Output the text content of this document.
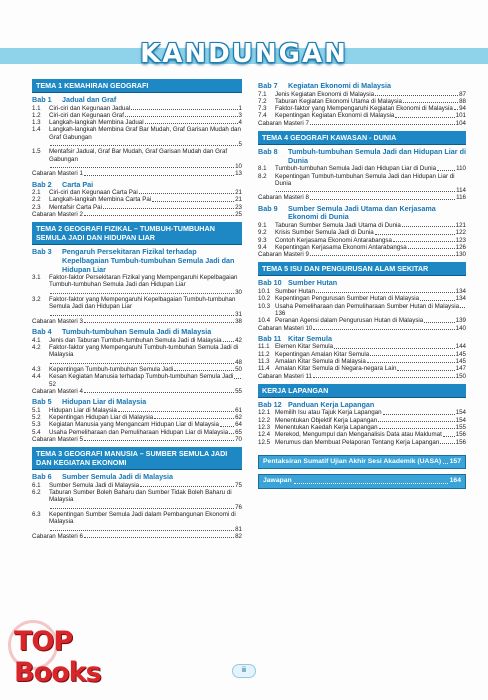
KANDUNGAN
TEMA 1 KEMAHIRAN GEOGRAFI
Bab 1	Jadual dan Graf
1.1	Ciri-ciri dan Kegunaan Jadual	1
1.2	Ciri-ciri dan Kegunaan Graf	3
1.3	Langkah-langkah Membina Jadual	4
1.4	Langkah-langkah Membina Graf Bar Mudah, Graf Garisan Mudah dan Graf Gabungan
5
1.5	Mentafsir Jadual, Graf Bar Mudah, Graf Garisan Mudah dan Graf Gabungan
10
Cabaran Masteri 1	13
Bab 2	Carta Pai
2.1	Ciri-ciri dan Kegunaan Carta Pai	21
2.2	Langkah-langkah Membina Carta Pai	21
2.3	Mentafsir Carta Pai	23
Cabaran Masteri 2	25
TEMA 2 GEOGRAFI FIZIKAL – TUMBUH-TUMBUHAN SEMULA JADI DAN HIDUPAN LIAR
Bab 3	Pengaruh Persekitaran Fizikal terhadap Kepelbagaian Tumbuh-tumbuhan Semula Jadi dan Hidupan Liar
3.1	Faktor-faktor Persekitaran Fizikal yang Mempengaruhi Kepelbagaian Tumbuh-tumbuhan Semula Jadi dan Hidupan Liar
30
3.2	Faktor-faktor yang Mempengaruhi Kepelbagaian Tumbuh-tumbuhan Semula Jadi dan Hidupan Liar
31
Cabaran Masteri 3	38
Bab 4	Tumbuh-tumbuhan Semula Jadi di Malaysia
4.1	Jenis dan Taburan Tumbuh-tumbuhan Semula Jadi di Malaysia 42
4.2	Faktor-faktor yang Mempengaruhi Tumbuh-tumbuhan Semula Jadi di Malaysia
48
4.3	Kepentingan Tumbuh-tumbuhan Semula Jadi	50
4.4	Kesan Kegiatan Manusia terhadap Tumbuh-tumbuhan Semula Jadi
52
Cabaran Masteri 4	55
Bab 5	Hidupan Liar di Malaysia
5.1	Hidupan Liar di Malaysia	61
5.2	Kepentingan Hidupan Liar di Malaysia	62
5.3	Kegiatan Manusia yang Mengancam Hidupan Liar di Malaysia	64
5.4	Usaha Pemeliharaan dan Pemuliharaan Hidupan Liar di Malaysia 65
Cabaran Masteri 5	70
TEMA 3 GEOGRAFI MANUSIA – SUMBER SEMULA JADI DAN KEGIATAN EKONOMI
Bab 6	Sumber Semula Jadi di Malaysia
6.1	Sumber Semula Jadi di Malaysia	75
6.2	Taburan Sumber Boleh Baharu dan Sumber Tidak Boleh Baharu di Malaysia
76
6.3	Kepentingan Sumber Semula Jadi dalam Pembangunan Ekonomi di Malaysia
81
Cabaran Masteri 6	82
Bab 7	Kegiatan Ekonomi di Malaysia
7.1	Jenis Kegiatan Ekonomi di Malaysia	87
7.2	Taburan Kegiatan Ekonomi Utama di Malaysia	88
7.3	Faktor-faktor yang Mempengaruhi Kegiatan Ekonomi di Malaysia 94
7.4	Kepentingan Kegiatan Ekonomi di Malaysia	101
Cabaran Masteri 7	104
TEMA 4 GEOGRAFI KAWASAN - DUNIA
Bab 8	Tumbuh-tumbuhan Semula Jadi dan Hidupan Liar di Dunia
8.1	Tumbuh-tumbuhan Semula Jadi dan Hidupan Liar di Dunia	110
8.2	Kepentingan Tumbuh-tumbuhan Semula Jadi dan Hidupan Liar di Dunia
114
Cabaran Masteri 8	116
Bab 9	Sumber Semula Jadi Utama dan Kerjasama Ekonomi di Dunia
9.1	Taburan Sumber Semula Jadi Utama di Dunia	121
9.2	Krisis Sumber Semula Jadi di Dunia	122
9.3	Contoh Kerjasama Ekonomi Antarabangsa	123
9.4	Kepentingan Kerjasama Ekonomi Antarabangsa	126
Cabaran Masteri 9	130
TEMA 5 ISU DAN PENGURUSAN ALAM SEKITAR
Bab 10 Sumber Hutan
10.1 Sumber Hutan	134
10.2 Kepentingan Pengurusan Sumber Hutan di Malaysia	134
10.3 Usaha Pemeliharaan dan Pemuliharaan Sumber Hutan di Malaysia
136
10.4 Peranan Agensi dalam Pengurusan Hutan di Malaysia	139
Cabaran Masteri 10	140
Bab 11 Kitar Semula
11.1 Elemen Kitar Semula	144
11.2 Kepentingan Amalan Kitar Semula	145
11.3 Amalan Kitar Semula di Malaysia	145
11.4 Amalan Kitar Semula di Negara-negara Lain	147
Cabaran Masteri 11	150
KERJA LAPANGAN
Bab 12 Panduan Kerja Lapangan
12.1 Memilih Isu atau Tajuk Kerja Lapangan	154
12.2 Menentukan Objektif Kerja Lapangan	154
12.3 Menentukan Kaedah Kerja Lapangan	155
12.4 Merekod, Mengumpul dan Menganalisis Data atau Maklumat 156
12.5 Merumus dan Membuat Pelaporan Tentang Kerja Lapangan	156
Pentaksiran Sumatif Ujian Akhir Sesi Akademik (UASA) 157
Jawapan	164
TOP Books	ii
